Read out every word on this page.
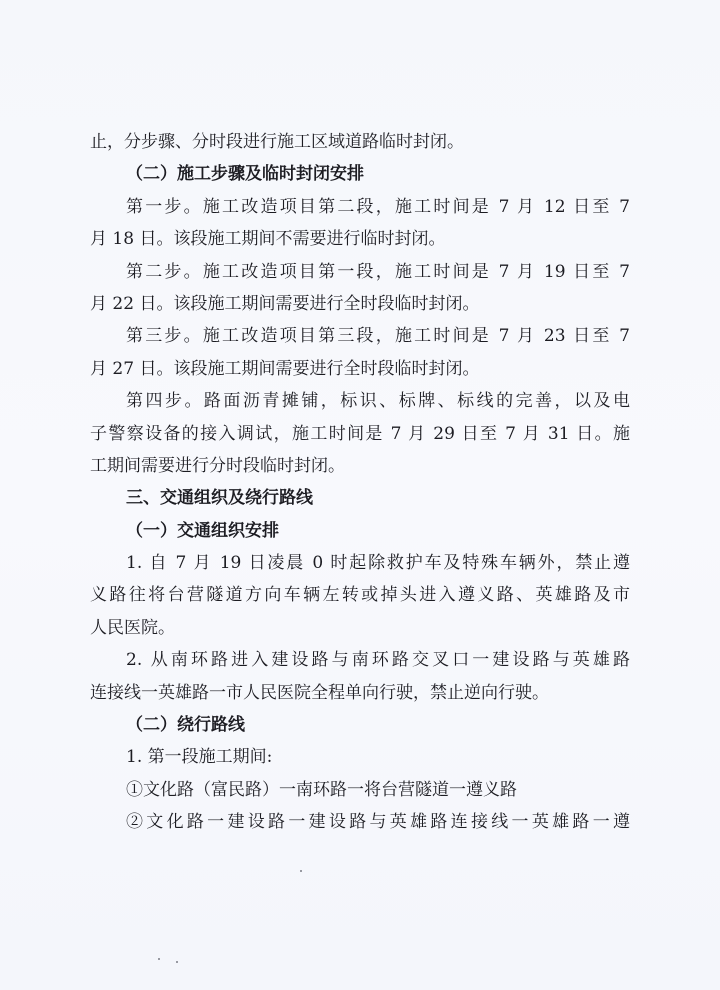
止，分步骤、分时段进行施工区域道路临时封闭。
（二）施工步骤及临时封闭安排
第一步。施工改造项目第二段，施工时间是 7 月 12 日至 7
月 18 日。该段施工期间不需要进行临时封闭。
第二步。施工改造项目第一段，施工时间是 7 月 19 日至 7
月 22 日。该段施工期间需要进行全时段临时封闭。
第三步。施工改造项目第三段，施工时间是 7 月 23 日至 7
月 27 日。该段施工期间需要进行全时段临时封闭。
第四步。路面沥青摊铺，标识、标牌、标线的完善，以及电
子警察设备的接入调试，施工时间是 7 月 29 日至 7 月 31 日。施
工期间需要进行分时段临时封闭。
三、交通组织及绕行路线
（一）交通组织安排
1. 自 7 月 19 日凌晨 0 时起除救护车及特殊车辆外，禁止遵
义路往将台营隧道方向车辆左转或掉头进入遵义路、英雄路及市
人民医院。
2. 从南环路进入建设路与南环路交叉口一建设路与英雄路
连接线一英雄路一市人民医院全程单向行驶，禁止逆向行驶。
（二）绕行路线
1. 第一段施工期间:
①文化路（富民路）一南环路一将台营隧道一遵义路
②文化路一建设路一建设路与英雄路连接线一英雄路一遵
